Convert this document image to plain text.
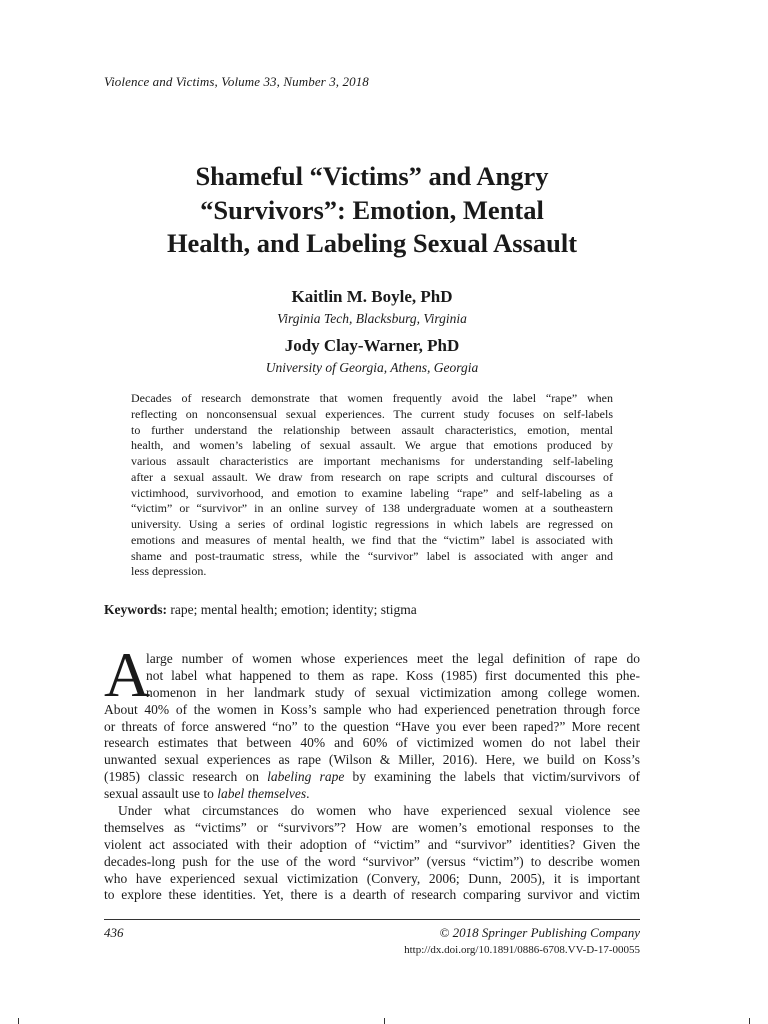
Violence and Victims, Volume 33, Number 3, 2018
Shameful “Victims” and Angry
“Survivors”: Emotion, Mental
Health, and Labeling Sexual Assault
Kaitlin M. Boyle, PhD
Virginia Tech, Blacksburg, Virginia
Jody Clay-Warner, PhD
University of Georgia, Athens, Georgia
Decades of research demonstrate that women frequently avoid the label “rape” when
reflecting on nonconsensual sexual experiences. The current study focuses on self-labels
to further understand the relationship between assault characteristics, emotion, mental
health, and women’s labeling of sexual assault. We argue that emotions produced by
various assault characteristics are important mechanisms for understanding self-labeling
after a sexual assault. We draw from research on rape scripts and cultural discourses of
victimhood, survivorhood, and emotion to examine labeling “rape” and self-labeling as a
“victim” or “survivor” in an online survey of 138 undergraduate women at a southeastern
university. Using a series of ordinal logistic regressions in which labels are regressed on
emotions and measures of mental health, we find that the “victim” label is associated with
shame and post-traumatic stress, while the “survivor” label is associated with anger and
less depression.
Keywords: rape; mental health; emotion; identity; stigma
A
large number of women whose experiences meet the legal definition of rape do
not label what happened to them as rape. Koss (1985) first documented this phe-
nomenon in her landmark study of sexual victimization among college women.
About 40% of the women in Koss’s sample who had experienced penetration through force
or threats of force answered “no” to the question “Have you ever been raped?” More recent
research estimates that between 40% and 60% of victimized women do not label their
unwanted sexual experiences as rape (Wilson & Miller, 2016). Here, we build on Koss’s
(1985) classic research on labeling rape by examining the labels that victim/survivors of
sexual assault use to label themselves.
Under what circumstances do women who have experienced sexual violence see
themselves as “victims” or “survivors”? How are women’s emotional responses to the
violent act associated with their adoption of “victim” and “survivor” identities? Given the
decades-long push for the use of the word “survivor” (versus “victim”) to describe women
who have experienced sexual victimization (Convery, 2006; Dunn, 2005), it is important
to explore these identities. Yet, there is a dearth of research comparing survivor and victim
436	© 2018 Springer Publishing Company
http://dx.doi.org/10.1891/0886-6708.VV-D-17-00055
